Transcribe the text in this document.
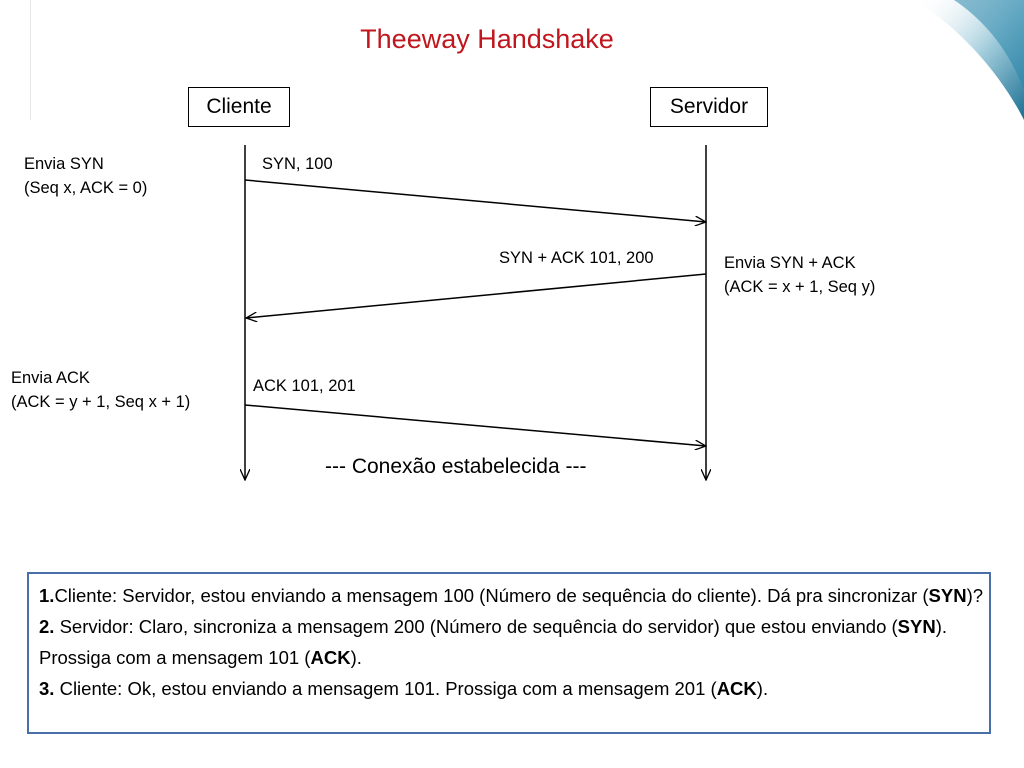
Theeway Handshake
Cliente	Servidor
SYN, 100
Envia SYN
(Seq x, ACK = 0)
SYN + ACK 101, 200	Envia SYN + ACK
(ACK = x + 1, Seq y)
ACK 101, 201
Envia ACK
(ACK = y + 1, Seq x + 1)
--- Conexão estabelecida ---

1.Cliente: Servidor, estou enviando a mensagem 100 (Número de sequência do cliente). Dá pra sincronizar (SYN)?

2. Servidor: Claro, sincroniza a mensagem 200 (Número de sequência do servidor) que estou enviando (SYN). Prossiga com a mensagem 101 (ACK).

3. Cliente: Ok, estou enviando a mensagem 101. Prossiga com a mensagem 201 (ACK).
